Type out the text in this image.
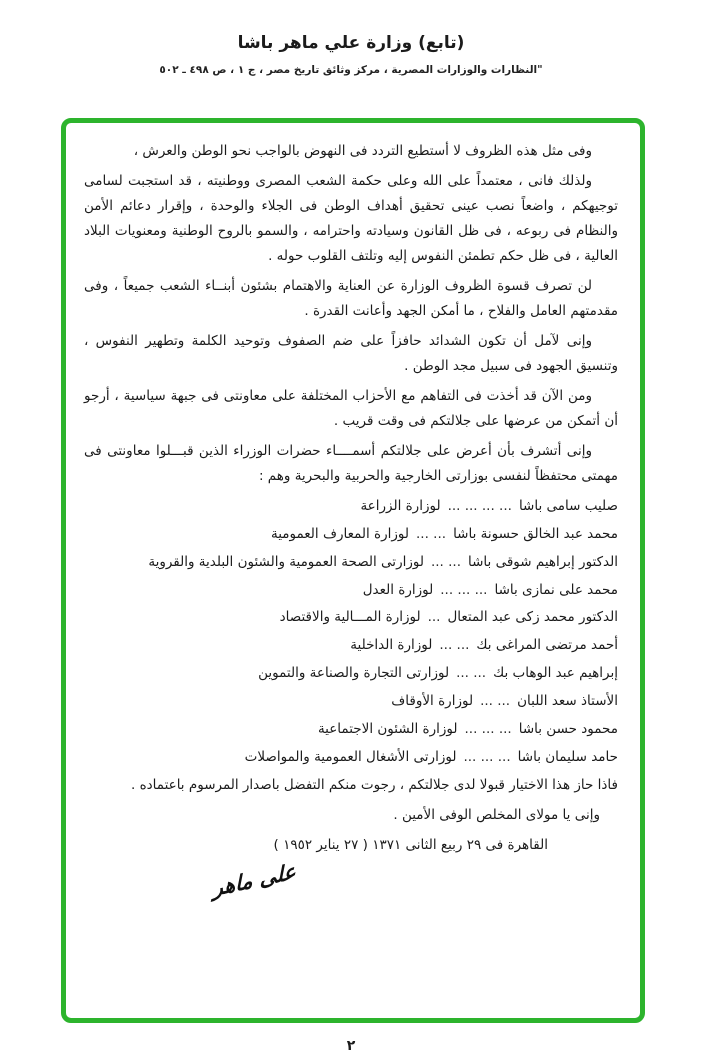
(تابع) وزارة علي ماهر باشا
"النظارات والوزارات المصرية ، مركز وثائق تاريخ مصر ، ج ١ ، ص ٤٩٨ ـ ٥٠٢

وفى مثل هذه الظروف لا أستطيع التردد فى النهوض بالواجب نحو الوطن والعرش ،

ولذلك فانى ، معتمداً على الله وعلى حكمة الشعب المصرى ووطنيته ، قد استجبت لسامى توجيهكم ، واضعاً نصب عينى تحقيق أهداف الوطن فى الجلاء والوحدة ، وإقرار دعائم الأمن والنظام فى ربوعه ، فى ظل القانون وسيادته واحترامه ، والسمو بالروح الوطنية ومعنويات البلاد العالية ، فى ظل حكم تطمئن النفوس إليه وتلتف القلوب حوله .

لن تصرف قسوة الظروف الوزارة عن العناية والاهتمام بشئون أبنــاء الشعب جميعاً ، وفى مقدمتهم العامل والفلاح ، ما أمكن الجهد وأعانت القدرة .

وإنى لآمل أن تكون الشدائد حافزاً على ضم الصفوف وتوحيد الكلمة وتطهير النفوس ، وتنسيق الجهود فى سبيل مجد الوطن .

ومن الآن قد أخذت فى التفاهم مع الأحزاب المختلفة على معاونتى فى جبهة سياسية ، أرجو أن أتمكن من عرضها على جلالتكم فى وقت قريب .

وإنى أتشرف بأن أعرض على جلالتكم أسمــــاء حضرات الوزراء الذين قبـــلوا معاونتى فى مهمتى محتفظاً لنفسى بوزارتى الخارجية والحربية والبحرية وهم :

صليب سامى باشا... ... ... ...لوزارة الزراعة
محمد عبد الخالق حسونة باشا... ...لوزارة المعارف العمومية
الدكتور إبراهيم شوقى باشا... ...لوزارتى الصحة العمومية والشئون البلدية والقروية
محمد على نمازى باشا... ... ...لوزارة العدل
الدكتور محمد زكى عبد المتعال...لوزارة المـــالية والاقتصاد
أحمد مرتضى المراغى بك... ...لوزارة الداخلية
إبراهيم عبد الوهاب بك... ...لوزارتى التجارة والصناعة والتموين
الأستاذ سعد اللبان... ...لوزارة الأوقاف
محمود حسن باشا... ... ...لوزارة الشئون الاجتماعية
حامد سليمان باشا... ... ...لوزارتى الأشغال العمومية والمواصلات

فاذا حاز هذا الاختيار قبولا لدى جلالتكم ، رجوت منكم التفضل باصدار المرسوم باعتماده .

وإنى يا مولاى المخلص الوفى الأمين .

القاهرة فى ٢٩ ربيع الثانى ١٣٧١ ( ٢٧ يناير ١٩٥٢ )
على ماهر
٢
